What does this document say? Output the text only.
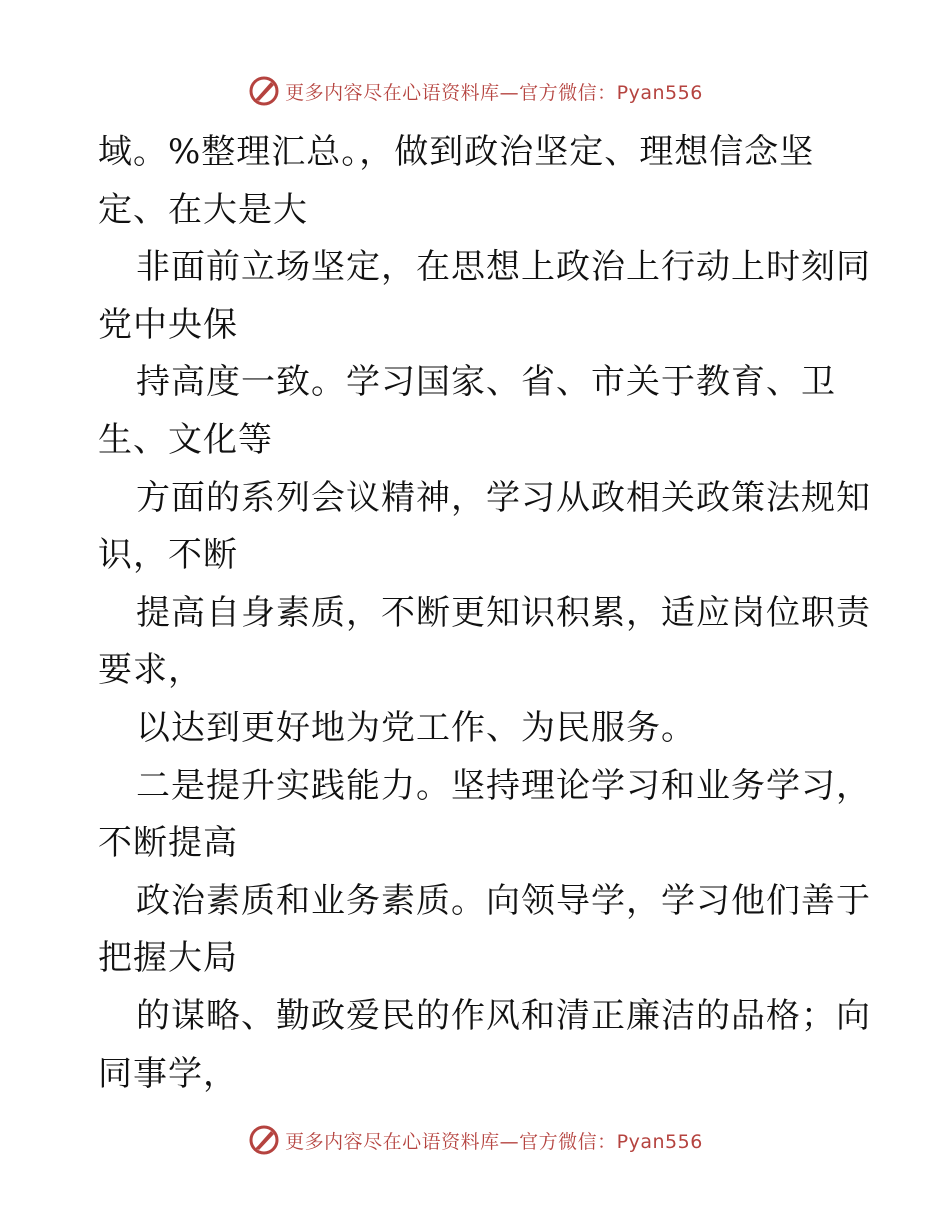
更多内容尽在心语资料库—官方微信：Pyan556
域。%整理汇总。，做到政治坚定、理想信念坚
定、在大是大
非面前立场坚定，在思想上政治上行动上时刻同
党中央保
持高度一致。学习国家、省、市关于教育、卫
生、文化等
方面的系列会议精神，学习从政相关政策法规知
识，不断
提高自身素质，不断更知识积累，适应岗位职责
要求，
以达到更好地为党工作、为民服务。
二是提升实践能力。坚持理论学习和业务学习，
不断提高
政治素质和业务素质。向领导学，学习他们善于
把握大局
的谋略、勤政爱民的作风和清正廉洁的品格；向
同事学，
更多内容尽在心语资料库—官方微信：Pyan556
